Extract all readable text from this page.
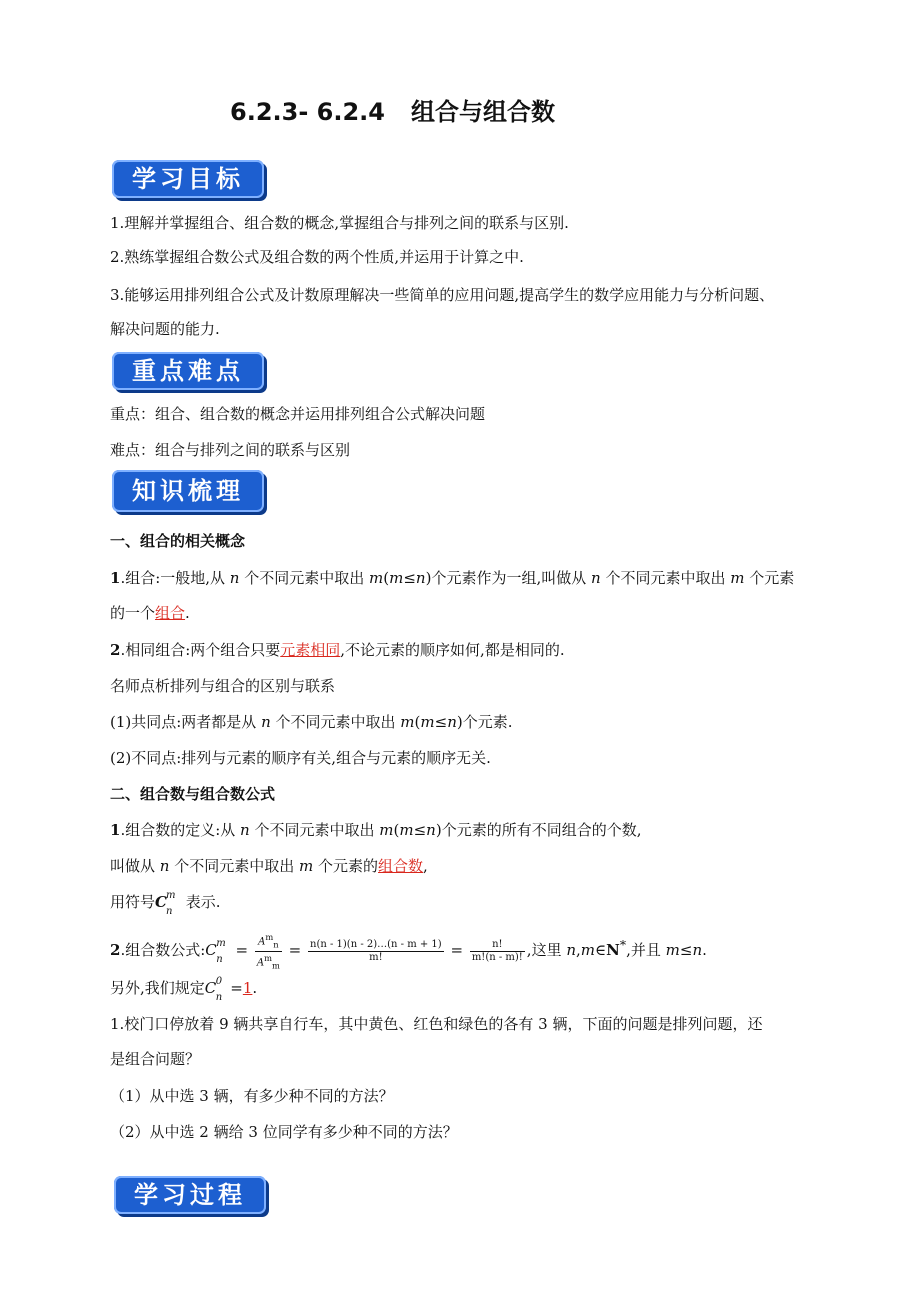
6.2.3- 6.2.4 组合与组合数
学习目标
1.理解并掌握组合、组合数的概念,掌握组合与排列之间的联系与区别.
2.熟练掌握组合数公式及组合数的两个性质,并运用于计算之中.
3.能够运用排列组合公式及计数原理解决一些简单的应用问题,提高学生的数学应用能力与分析问题、
解决问题的能力.
重点难点
重点：组合、组合数的概念并运用排列组合公式解决问题
难点：组合与排列之间的联系与区别
知识梳理
一、组合的相关概念
1.组合:一般地,从 n 个不同元素中取出 m(m≤n)个元素作为一组,叫做从 n 个不同元素中取出 m 个元素
的一个组合.
2.相同组合:两个组合只要元素相同,不论元素的顺序如何,都是相同的.
名师点析排列与组合的区别与联系
(1)共同点:两者都是从 n 个不同元素中取出 m(m≤n)个元素.
(2)不同点:排列与元素的顺序有关,组合与元素的顺序无关.
二、组合数与组合数公式
1.组合数的定义:从 n 个不同元素中取出 m(m≤n)个元素的所有不同组合的个数,
叫做从 n 个不同元素中取出 m 个元素的组合数,
用符号C m
n
表示.
2.组合数公式:C m
n
= $\frac{A^m_n}{A^m_m} = \frac{n(n - 1)(n - 2)\dots(n - m + 1)}{m!} = \frac{n!}{m!(n - m)!}$ ,这里 n,m∈N*,并且 m≤n.
另外,我们规定C 0
n
=1.
1.校门口停放着 9 辆共享自行车，其中黄色、红色和绿色的各有 3 辆，下面的问题是排列问题，还
是组合问题？
（1）从中选 3 辆，有多少种不同的方法？
（2）从中选 2 辆给 3 位同学有多少种不同的方法？
学习过程
